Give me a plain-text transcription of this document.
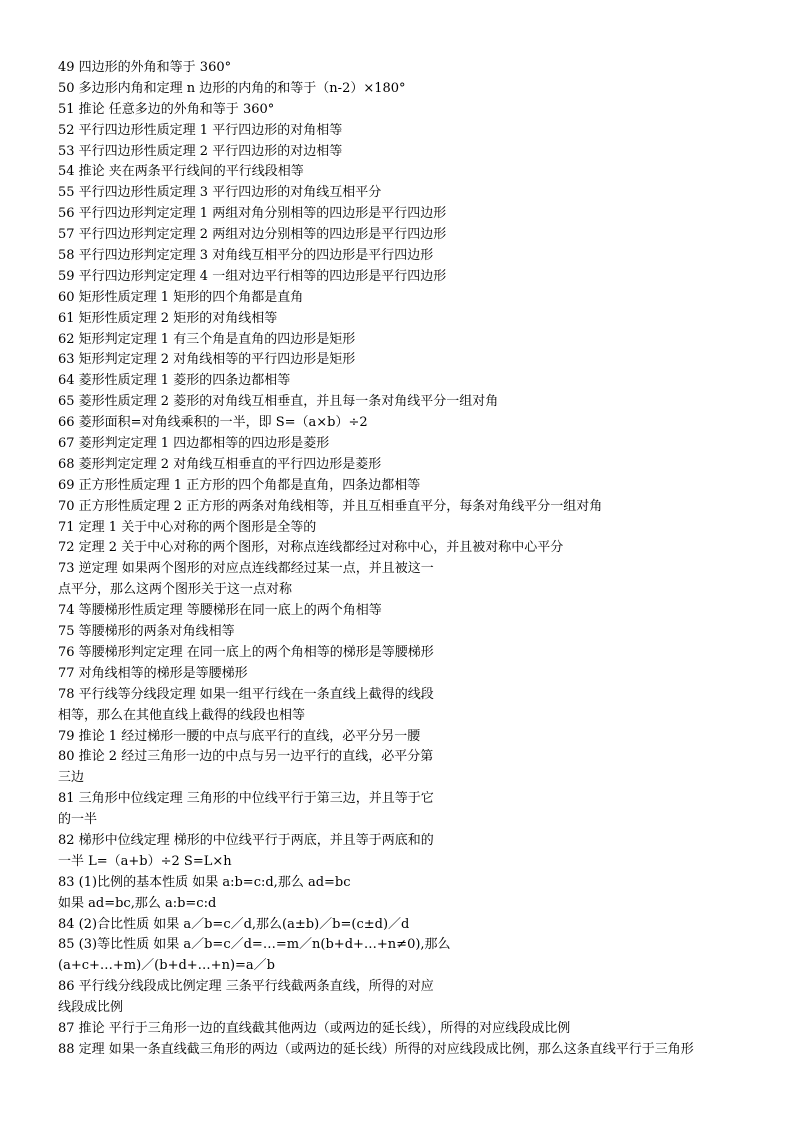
49 四边形的外角和等于 360°
50 多边形内角和定理 n 边形的内角的和等于（n-2）×180°
51 推论 任意多边的外角和等于 360°
52 平行四边形性质定理 1 平行四边形的对角相等
53 平行四边形性质定理 2 平行四边形的对边相等
54 推论 夹在两条平行线间的平行线段相等
55 平行四边形性质定理 3 平行四边形的对角线互相平分
56 平行四边形判定定理 1 两组对角分别相等的四边形是平行四边形
57 平行四边形判定定理 2 两组对边分别相等的四边形是平行四边形
58 平行四边形判定定理 3 对角线互相平分的四边形是平行四边形
59 平行四边形判定定理 4 一组对边平行相等的四边形是平行四边形
60 矩形性质定理 1 矩形的四个角都是直角
61 矩形性质定理 2 矩形的对角线相等
62 矩形判定定理 1 有三个角是直角的四边形是矩形
63 矩形判定定理 2 对角线相等的平行四边形是矩形
64 菱形性质定理 1 菱形的四条边都相等
65 菱形性质定理 2 菱形的对角线互相垂直，并且每一条对角线平分一组对角
66 菱形面积=对角线乘积的一半，即 S=（a×b）÷2
67 菱形判定定理 1 四边都相等的四边形是菱形
68 菱形判定定理 2 对角线互相垂直的平行四边形是菱形
69 正方形性质定理 1 正方形的四个角都是直角，四条边都相等
70 正方形性质定理 2 正方形的两条对角线相等，并且互相垂直平分，每条对角线平分一组对角
71 定理 1 关于中心对称的两个图形是全等的
72 定理 2 关于中心对称的两个图形，对称点连线都经过对称中心，并且被对称中心平分
73 逆定理 如果两个图形的对应点连线都经过某一点，并且被这一
点平分，那么这两个图形关于这一点对称
74 等腰梯形性质定理 等腰梯形在同一底上的两个角相等
75 等腰梯形的两条对角线相等
76 等腰梯形判定定理 在同一底上的两个角相等的梯形是等腰梯形
77 对角线相等的梯形是等腰梯形
78 平行线等分线段定理 如果一组平行线在一条直线上截得的线段
相等，那么在其他直线上截得的线段也相等
79 推论 1 经过梯形一腰的中点与底平行的直线，必平分另一腰
80 推论 2 经过三角形一边的中点与另一边平行的直线，必平分第
三边
81 三角形中位线定理 三角形的中位线平行于第三边，并且等于它
的一半
82 梯形中位线定理 梯形的中位线平行于两底，并且等于两底和的
一半 L=（a+b）÷2 S=L×h
83 (1)比例的基本性质 如果 a:b=c:d,那么 ad=bc
如果 ad=bc,那么 a:b=c:d
84 (2)合比性质 如果 a／b=c／d,那么(a±b)／b=(c±d)／d
85 (3)等比性质 如果 a／b=c／d=…=m／n(b+d+…+n≠0),那么
(a+c+…+m)／(b+d+…+n)=a／b
86 平行线分线段成比例定理 三条平行线截两条直线，所得的对应
线段成比例
87 推论 平行于三角形一边的直线截其他两边（或两边的延长线），所得的对应线段成比例
88 定理 如果一条直线截三角形的两边（或两边的延长线）所得的对应线段成比例，那么这条直线平行于三角形
